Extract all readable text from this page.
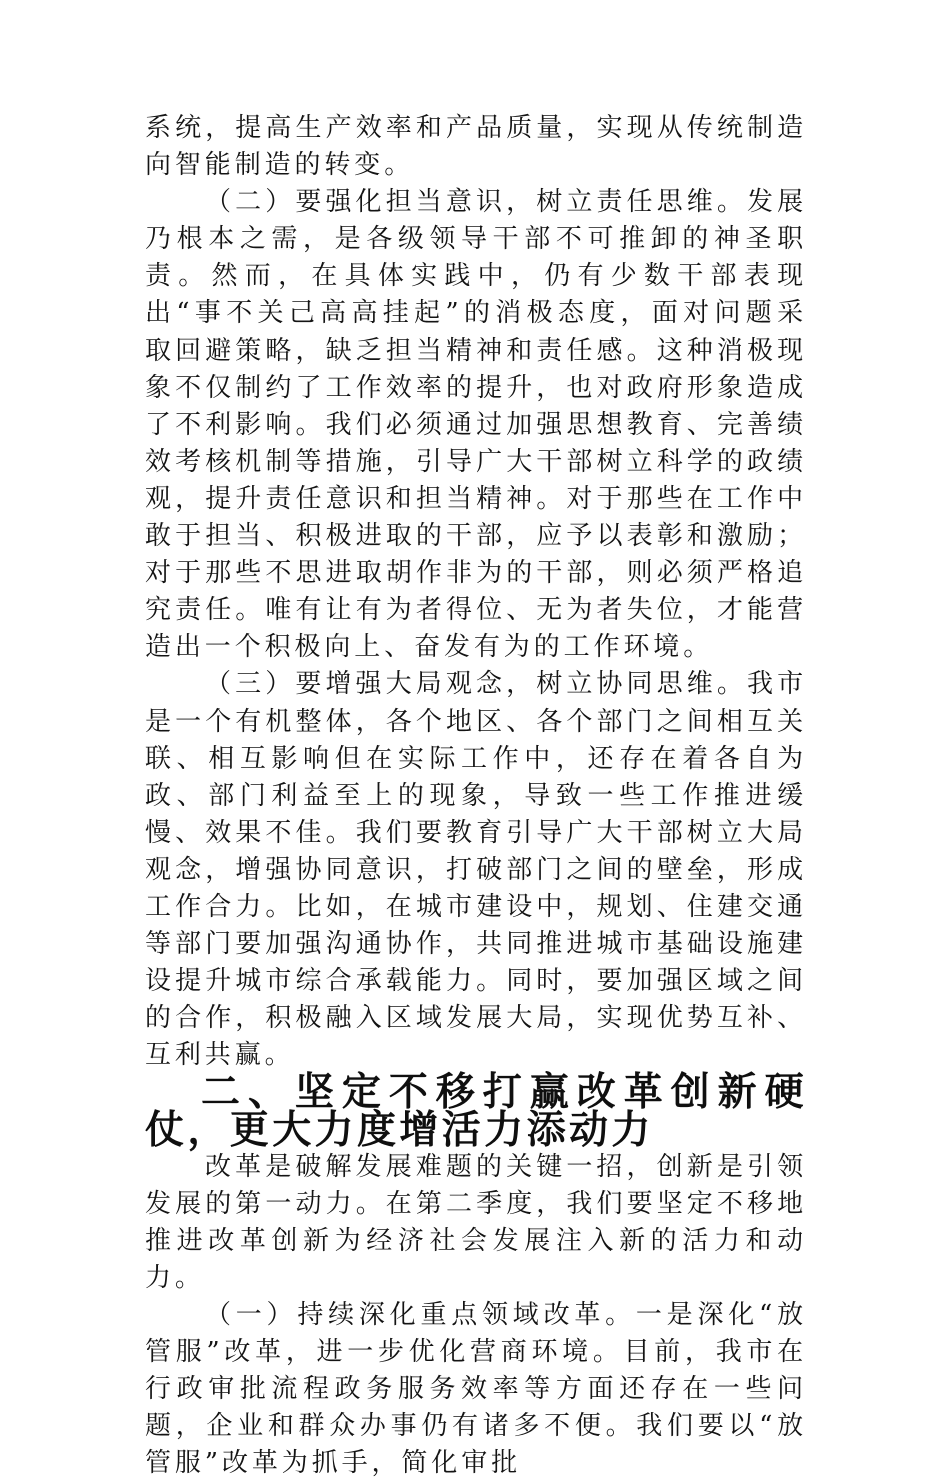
系统，提高生产效率和产品质量，实现从传统制造向智能制造的转变。

（二）要强化担当意识，树立责任思维。发展乃根本之需，是各级领导干部不可推卸的神圣职责。然而，在具体实践中，仍有少数干部表现出“事不关己高高挂起”的消极态度，面对问题采取回避策略，缺乏担当精神和责任感。这种消极现象不仅制约了工作效率的提升，也对政府形象造成了不利影响。我们必须通过加强思想教育、完善绩效考核机制等措施，引导广大干部树立科学的政绩观，提升责任意识和担当精神。对于那些在工作中敢于担当、积极进取的干部，应予以表彰和激励；对于那些不思进取胡作非为的干部，则必须严格追究责任。唯有让有为者得位、无为者失位，才能营造出一个积极向上、奋发有为的工作环境。

（三）要增强大局观念，树立协同思维。我市是一个有机整体，各个地区、各个部门之间相互关联、相互影响但在实际工作中，还存在着各自为政、部门利益至上的现象，导致一些工作推进缓慢、效果不佳。我们要教育引导广大干部树立大局观念，增强协同意识，打破部门之间的壁垒，形成工作合力。比如，在城市建设中，规划、住建交通等部门要加强沟通协作，共同推进城市基础设施建设提升城市综合承载能力。同时，要加强区域之间的合作，积极融入区域发展大局，实现优势互补、互利共赢。

二、坚定不移打赢改革创新硬仗，更大力度增活力添动力

改革是破解发展难题的关键一招，创新是引领发展的第一动力。在第二季度，我们要坚定不移地推进改革创新为经济社会发展注入新的活力和动力。

（一）持续深化重点领域改革。一是深化“放管服”改革，进一步优化营商环境。目前，我市在行政审批流程政务服务效率等方面还存在一些问题，企业和群众办事仍有诸多不便。我们要以“放管服”改革为抓手，简化审批
